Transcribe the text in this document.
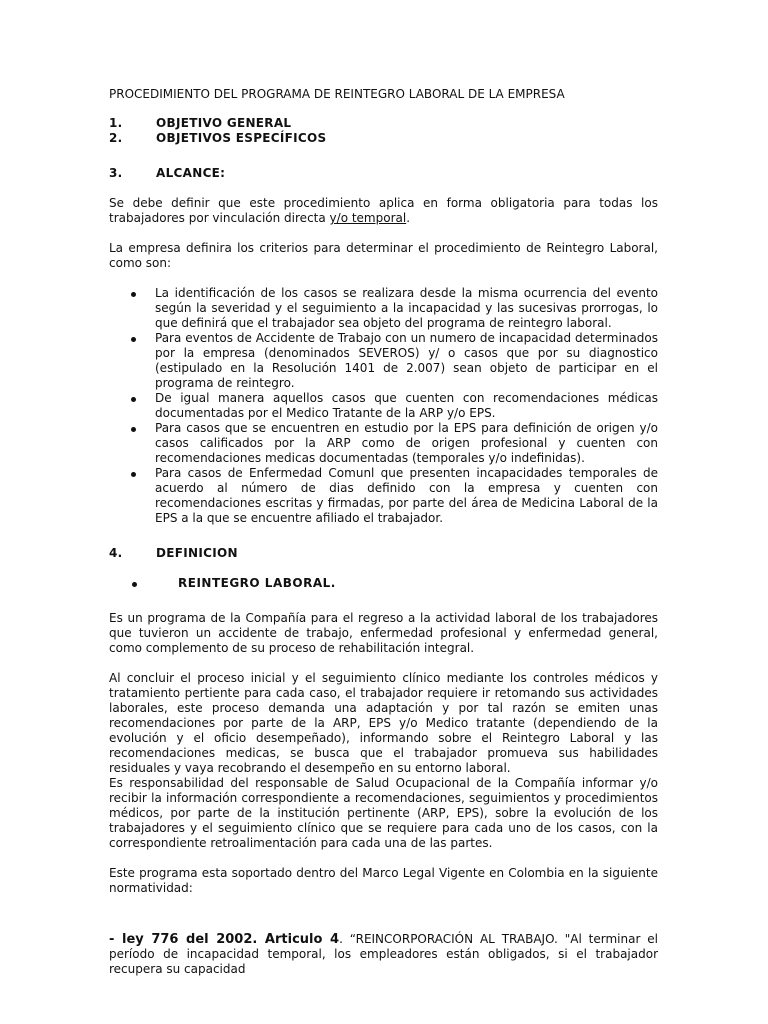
PROCEDIMIENTO DEL PROGRAMA DE REINTEGRO LABORAL DE LA EMPRESA

1.	OBJETIVO GENERAL
2.	OBJETIVOS ESPECÍFICOS
3.	ALCANCE:

Se debe definir que este procedimiento aplica en forma obligatoria para todas los trabajadores por vinculación directa y/o temporal.

La empresa definira los criterios para determinar el procedimiento de Reintegro Laboral, como son:

La identificación de los casos se realizara desde la misma ocurrencia del evento según la severidad y el seguimiento a la incapacidad y las sucesivas prorrogas, lo que definirá que el trabajador sea objeto del programa de reintegro laboral.
Para eventos de Accidente de Trabajo con un numero de incapacidad determinados por la empresa (denominados SEVEROS) y/ o casos que por su diagnostico (estipulado en la Resolución 1401 de 2.007) sean objeto de participar en el programa de reintegro.
De igual manera aquellos casos que cuenten con recomendaciones médicas documentadas por el Medico Tratante de la ARP y/o EPS.
Para casos que se encuentren en estudio por la EPS para definición de origen y/o casos calificados por la ARP como de origen profesional y cuenten con recomendaciones medicas documentadas (temporales y/o indefinidas).
Para casos de Enfermedad Comunl que presenten incapacidades temporales de acuerdo al número de dias definido con la empresa y cuenten con recomendaciones escritas y firmadas, por parte del área de Medicina Laboral de la EPS a la que se encuentre afiliado el trabajador.
4.	DEFINICION
REINTEGRO LABORAL.

Es un programa de la Compañía para el regreso a la actividad laboral de los trabajadores que tuvieron un accidente de trabajo, enfermedad profesional y enfermedad general, como complemento de su proceso de rehabilitación integral.

Al concluir el proceso inicial y el seguimiento clínico mediante los controles médicos y tratamiento pertiente para cada caso, el trabajador requiere ir retomando sus actividades laborales, este proceso demanda una adaptación y por tal razón se emiten unas recomendaciones por parte de la ARP, EPS y/o Medico tratante (dependiendo de la evolución y el oficio desempeñado), informando sobre el Reintegro Laboral y las recomendaciones medicas, se busca que el trabajador promueva sus habilidades residuales y vaya recobrando el desempeño en su entorno laboral.

Es responsabilidad del responsable de Salud Ocupacional de la Compañía informar y/o recibir la información correspondiente a recomendaciones, seguimientos y procedimientos médicos, por parte de la institución pertinente (ARP, EPS), sobre la evolución de los trabajadores y el seguimiento clínico que se requiere para cada uno de los casos, con la correspondiente retroalimentación para cada una de las partes.

Este programa esta soportado dentro del Marco Legal Vigente en Colombia en la siguiente normatividad:

- ley 776 del 2002. Articulo 4. “REINCORPORACIÓN AL TRABAJO. "Al terminar el período de incapacidad temporal, los empleadores están obligados, si el trabajador recupera su capacidad
